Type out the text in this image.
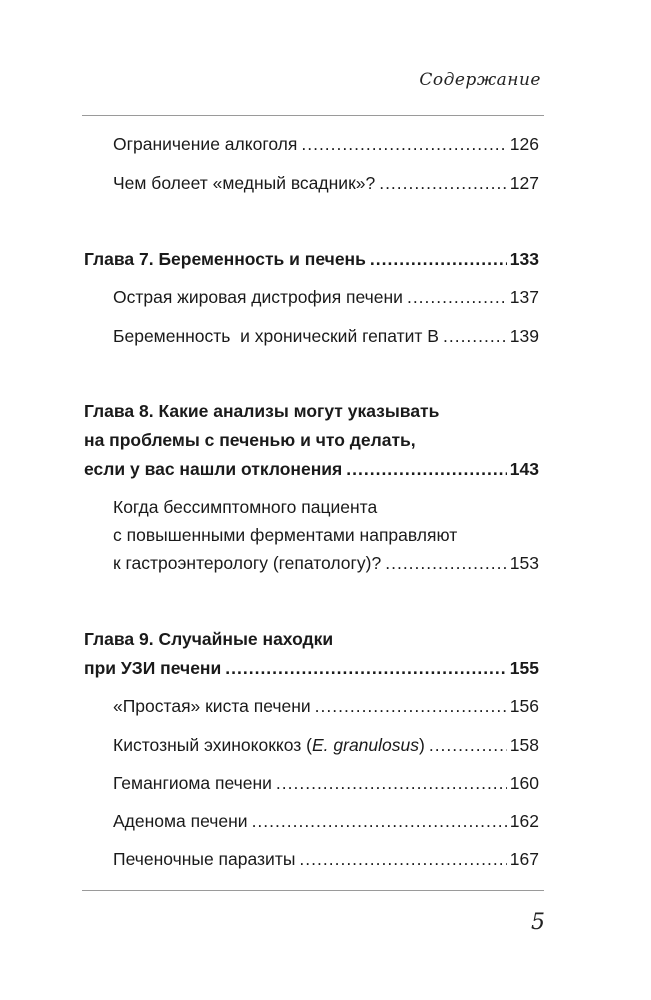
Содержание
Ограничение алкоголя .....	126
Чем болеет «медный всадник»? .....	127
Глава 7. Беременность и печень .....	133
Острая жировая дистрофия печени .....	137
Беременность  и хронический гепатит В .....	139
Глава 8. Какие анализы могут указывать
на проблемы с печенью и что делать,
если у вас нашли отклонения .....	143
Когда бессимптомного пациента
с повышенными ферментами направляют
к гастроэнтерологу (гепатологу)? .....	153
Глава 9. Случайные находки
при УЗИ печени .....	155
«Простая» киста печени .....	156
Кистозный эхинококкоз (E. granulosus) .....	158
Гемангиома печени .....	160
Аденома печени .....	162
Печеночные паразиты .....	167
5
